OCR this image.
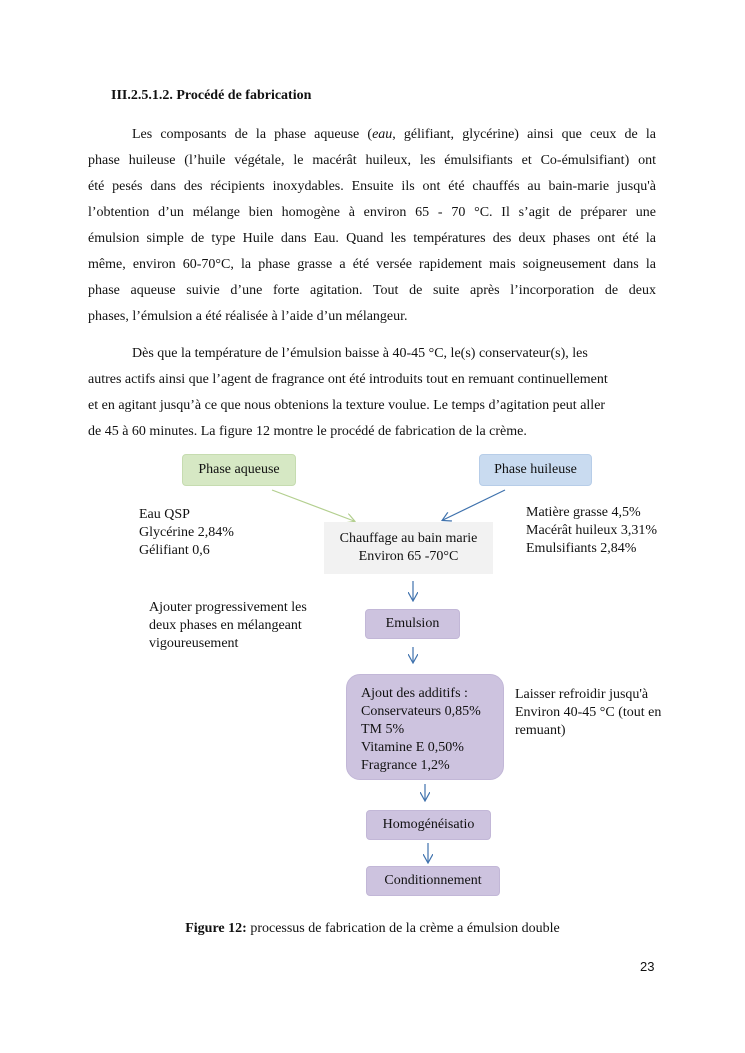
III.2.5.1.2. Procédé de fabrication

Les composants de la phase aqueuse (eau, gélifiant, glycérine) ainsi que ceux de la
phase huileuse (l’huile végétale, le macérât huileux, les émulsifiants et Co-émulsifiant) ont
été pesés dans des récipients inoxydables. Ensuite ils ont été chauffés au bain-marie jusqu'à
l’obtention d’un mélange bien homogène à environ 65 - 70 °C. Il s’agit de préparer une
émulsion simple de type Huile dans Eau. Quand les températures des deux phases ont été la
même, environ 60-70°C, la phase grasse a été versée rapidement mais soigneusement dans la
phase aqueuse suivie d’une forte agitation. Tout de suite après l’incorporation de deux
phases, l’émulsion a été réalisée à l’aide d’un mélangeur.

Dès que la température de l’émulsion baisse à 40-45 °C, le(s) conservateur(s), les
autres actifs ainsi que l’agent de fragrance ont été introduits tout en remuant continuellement
et en agitant jusqu’à ce que nous obtenions la texture voulue. Le temps d’agitation peut aller
de 45 à 60 minutes. La figure 12 montre le procédé de fabrication de la crème.

Phase aqueuse	Phase huileuse
Eau QSP
Glycérine 2,84%
Gélifiant 0,6
Matière grasse 4,5%
Macérât huileux 3,31%
Emulsifiants 2,84%
Chauffage au bain marie
Environ 65 -70°C
Ajouter progressivement les
deux phases en mélangeant
vigoureusement
Emulsion
Ajout des additifs :
Conservateurs 0,85%
TM 5%
Vitamine E 0,50%
Fragrance 1,2%
Laisser refroidir jusqu'à
Environ 40-45 °C (tout en
remuant)
Homogénéisatio
Conditionnement
Figure 12: processus de fabrication de la crème a émulsion double
23
